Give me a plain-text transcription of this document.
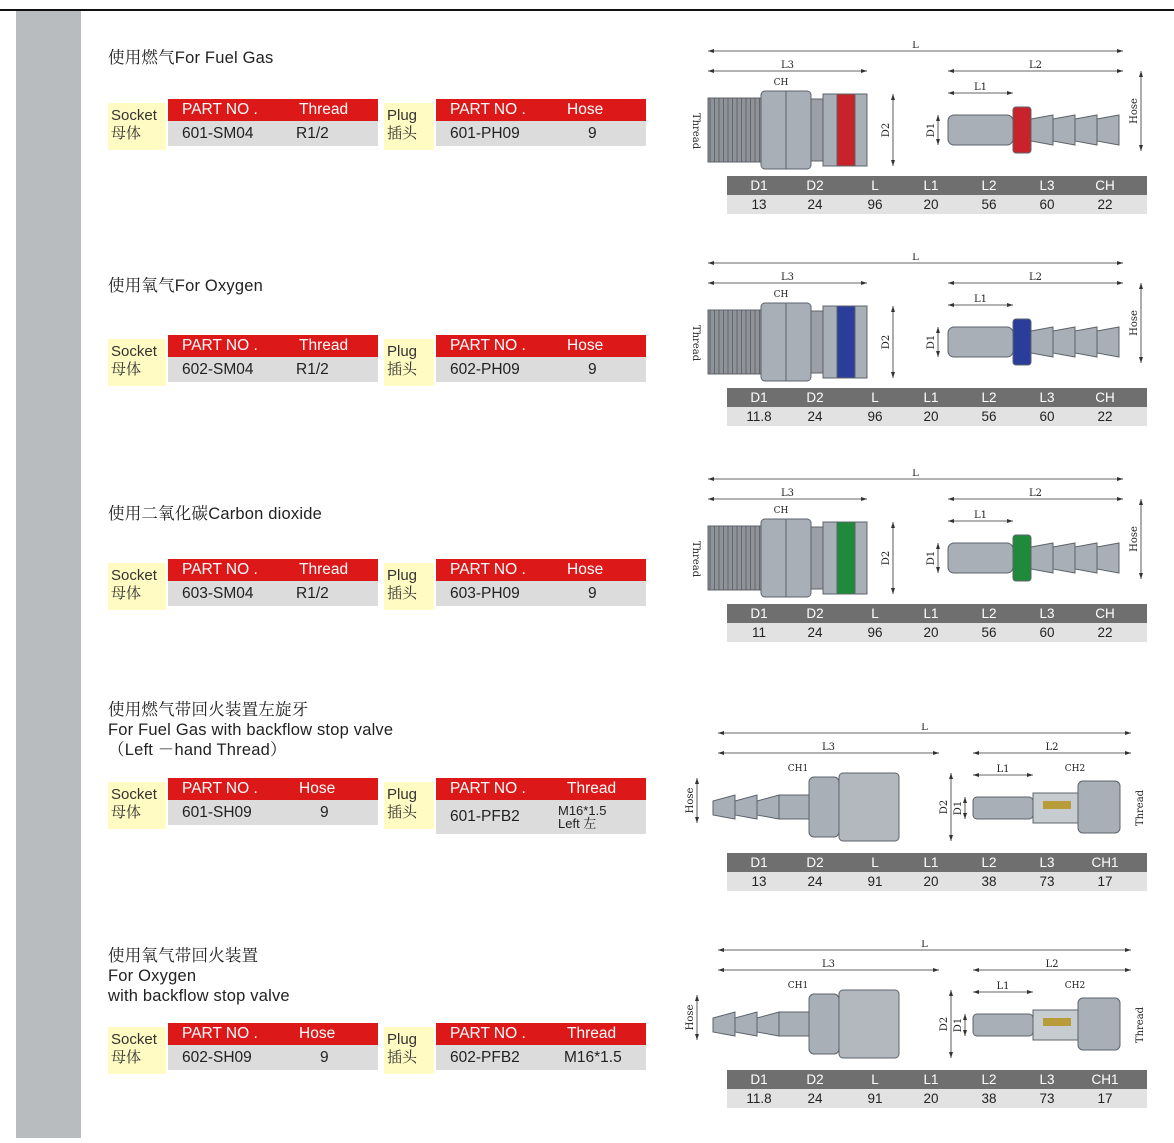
使用燃气For Fuel Gas
Socket
母体
PART NO .	Thread
601-SM04	R1/2
Plug
插头
PART NO .	Hose
601-PH09	9
D1	D2	L	L1	L2	L3	CH
13	24	96	20	56	60	22
L
L3	L2
L1
D2	D1
Hose
CH
Thread
使用氧气For Oxygen
Socket
母体
PART NO .	Thread
602-SM04	R1/2
Plug
插头
PART NO .	Hose
602-PH09	9
D1	D2	L	L1	L2	L3	CH
11.8	24	96	20	56	60	22
L
L3	L2
L1
D2	D1
Hose
CH
Thread
使用二氧化碳Carbon dioxide
Socket
母体
PART NO .	Thread
603-SM04	R1/2
Plug
插头
PART NO .	Hose
603-PH09	9
D1	D2	L	L1	L2	L3	CH
11	24	96	20	56	60	22
L
L3	L2
L1
D2	D1
Hose
CH
Thread
使用燃气带回火装置左旋牙
For Fuel Gas with backflow stop valve
（Left －hand Thread）
Socket
母体
PART NO .	Hose
601-SH09	9
Plug
插头
PART NO .	Thread
601-PFB2	M16*1.5
Left 左
D1	D2	L	L1	L2	L3	CH1
13	24	91	20	38	73	17
L
L3	L2
L1
D2 D1
Hose
CH1	CH2
Thread
使用氧气带回火装置
For Oxygen
with backflow stop valve
Socket
母体
PART NO .	Hose
602-SH09	9
Plug
插头
PART NO .	Thread
602-PFB2	M16*1.5
D1	D2	L	L1	L2	L3	CH1
11.8	24	91	20	38	73	17
L
L3	L2
L1
D2 D1
Hose
CH1	CH2
Thread
